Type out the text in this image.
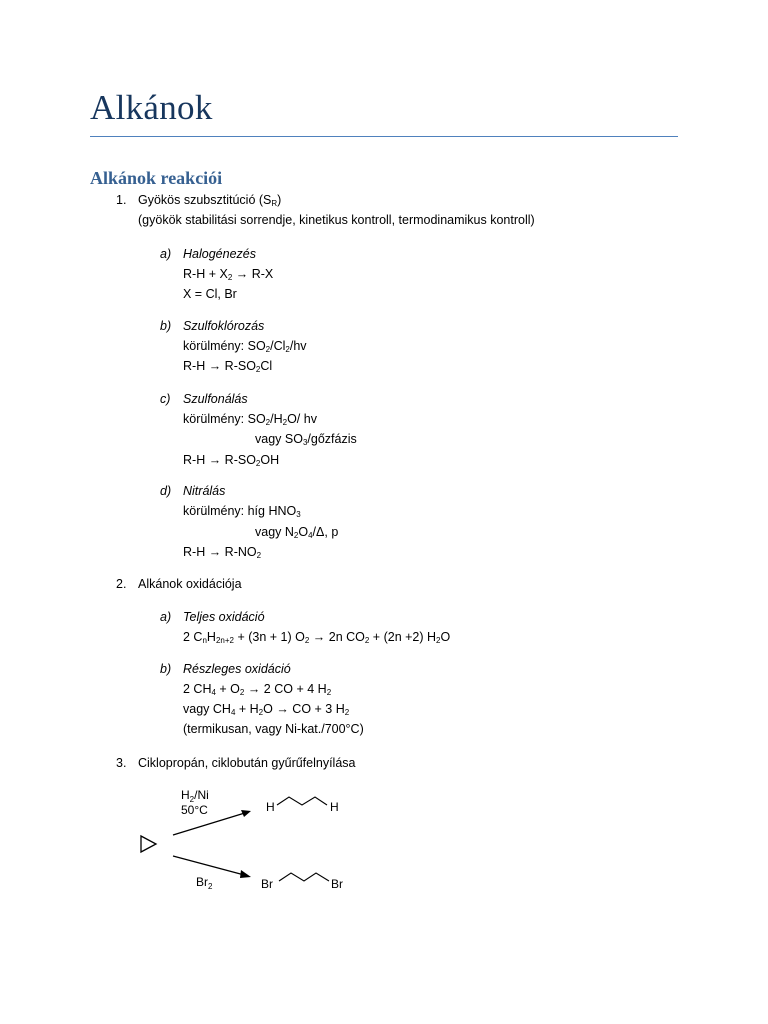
Alkánok
Alkánok reakciói
1. Gyökös szubsztitúció $(S_R)$
(gyökök stabilitási sorrendje, kinetikus kontroll, termodinamikus kontroll)
a) Halogénezés
$R-H + X_2 \to R-X$
X = Cl, Br
b) Szulfoklórozás
körülmény: $SO_2/Cl_2/hv$
$R-H \to R-SO_2Cl$
c) Szulfonálás
körülmény: $SO_2/H_2O/$ hv
vagy $SO_3$/gőzfázis
$R-H \to R-SO_2OH$
d) Nitrálás
körülmény: híg $HNO_3$
vagy $N_2O_4/\Delta$, p
$R-H \to R-NO_2$
2. Alkánok oxidációja
a) Teljes oxidáció
2 $C_nH_{2n+2} + (3n + 1) O_2 \to 2n$ $CO_2 + (2n +2)$ $H_2O$
b) Részleges oxidáció
2 $CH_4 + O_2 \to 2$ CO + 4 $H_2$
vagy $CH_4 + H_2O$ → CO + 3 $H_2$
(termikusan, vagy Ni-kat./700°C)
3. Ciklopropán, ciklobután gyűrűfelnyílása
$H_2/Ni$
50°C
$Br_2$
H	H
Br	Br
